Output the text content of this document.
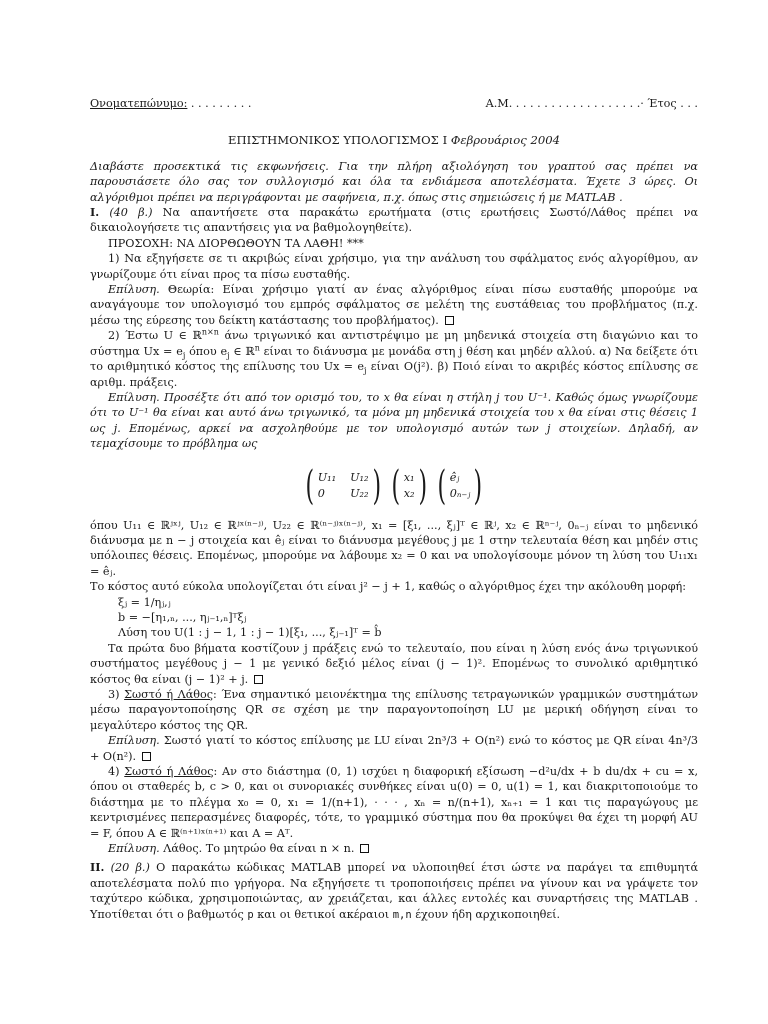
Ονοματεπώνυμο: . . . . . . . . .	Α.Μ. . . . . . . . . . . . . . . . . . .· Έτος . . .
ΕΠΙΣΤΗΜΟΝΙΚΟΣ ΥΠΟΛΟΓΙΣΜΟΣ Ι Φεβρουάριος 2004

Διαβάστε προσεκτικά τις εκφωνήσεις. Για την πλήρη αξιολόγηση του γραπτού σας πρέπει να παρουσιάσετε όλο σας τον συλλογισμό και όλα τα ενδιάμεσα αποτελέσματα. Έχετε 3 ώρες. Οι αλγόριθμοι πρέπει να περιγράφονται με σαφήνεια, π.χ. όπως στις σημειώσεις ή με MATLAB .

I. (40 β.) Να απαντήσετε στα παρακάτω ερωτήματα (στις ερωτήσεις Σωστό/Λάθος πρέπει να δικαιολογήσετε τις απαντήσεις για να βαθμολογηθείτε).

ΠΡΟΣΟΧΗ: ΝΑ ΔΙΟΡΘΩΘΟΥΝ ΤΑ ΛΑΘΗ! ***

1) Να εξηγήσετε σε τι ακριβώς είναι χρήσιμο, για την ανάλυση του σφάλματος ενός αλγορίθμου, αν γνωρίζουμε ότι είναι προς τα πίσω ευσταθής.

Επίλυση. Θεωρία: Είναι χρήσιμο γιατί αν ένας αλγόριθμος είναι πίσω ευσταθής μπορούμε να αναγάγουμε τον υπολογισμό του εμπρός σφάλματος σε μελέτη της ευστάθειας του προβλήματος (π.χ. μέσω της εύρεσης του δείκτη κατάστασης του προβλήματος).

2) Έστω U ∈ ℝ$^{n\times n}$ άνω τριγωνικό και αντιστρέψιμο με μη μηδενικά στοιχεία στη διαγώνιο και το σύστημα $Ux = e_j$ όπου $e_j$ ∈ ℝ$^n$ είναι το διάνυσμα με μονάδα στη j θέση και μηδέν αλλού. α) Να δείξετε ότι το αριθμητικό κόστος της επίλυσης του $Ux = e_j$ είναι O(j²). β) Ποιό είναι το ακριβές κόστος επίλυσης σε αριθμ. πράξεις.

Επίλυση. Προσέξτε ότι από τον ορισμό του, το x θα είναι η στήλη j του U⁻¹. Καθώς όμως γνωρίζουμε ότι το U⁻¹ θα είναι και αυτό άνω τριγωνικό, τα μόνα μη μηδενικά στοιχεία του x θα είναι στις θέσεις 1 ως j. Επομένως, αρκεί να ασχοληθούμε με τον υπολογισμό αυτών των j στοιχείων. Δηλαδή, αν τεμαχίσουμε το πρόβλημα ως

( U₁₁ U₁₂
0	U₂₂ ) ( x₁
x₂ ) ( êⱼ
0ₙ₋ⱼ )

όπου U₁₁ ∈ ℝʲˣʲ, U₁₂ ∈ ℝʲˣ⁽ⁿ⁻ʲ⁾, U₂₂ ∈ ℝ⁽ⁿ⁻ʲ⁾ˣ⁽ⁿ⁻ʲ⁾, x₁ = [ξ₁, ..., ξⱼ]ᵀ ∈ ℝʲ, x₂ ∈ ℝⁿ⁻ʲ, 0ₙ₋ⱼ είναι το μηδενικό διάνυσμα με n − j στοιχεία και êⱼ είναι το διάνυσμα μεγέθους j με 1 στην τελευταία θέση και μηδέν στις υπόλοιπες θέσεις. Επομένως, μπορούμε να λάβουμε x₂ = 0 και να υπολογίσουμε μόνον τη λύση του U₁₁x₁ = êⱼ.

Το κόστος αυτό εύκολα υπολογίζεται ότι είναι j² − j + 1, καθώς ο αλγόριθμος έχει την ακόλουθη μορφή:

ξⱼ = 1/ηⱼ,ⱼ
b = −[η₁,ₙ, ..., ηⱼ₋₁,ₙ]ᵀξⱼ
Λύση του U(1 : j − 1, 1 : j − 1)[ξ₁, ..., ξⱼ₋₁]ᵀ = b̂

Τα πρώτα δυο βήματα κοστίζουν j πράξεις ενώ το τελευταίο, που είναι η λύση ενός άνω τριγωνικού συστήματος μεγέθους j − 1 με γενικό δεξιό μέλος είναι (j − 1)². Επομένως το συνολικό αριθμητικό κόστος θα είναι (j − 1)² + j.

3) Σωστό ή Λάθος: Ένα σημαντικό μειονέκτημα της επίλυσης τετραγωνικών γραμμικών συστημάτων μέσω παραγοντοποίησης QR σε σχέση με την παραγοντοποίηση LU με μερική οδήγηση είναι το μεγαλύτερο κόστος της QR.

Επίλυση. Σωστό γιατί το κόστος επίλυσης με LU είναι 2n³/3 + O(n²) ενώ το κόστος με QR είναι 4n³/3 + O(n²).

4) Σωστό ή Λάθος: Αν στο διάστημα (0, 1) ισχύει η διαφορική εξίσωση −d²u/dx + b du/dx + cu = x, όπου οι σταθερές b, c > 0, και οι συνοριακές συνθήκες είναι u(0) = 0, u(1) = 1, και διακριτοποιούμε το διάστημα με το πλέγμα x₀ = 0, x₁ = 1/(n+1), · · · , xₙ = n/(n+1), xₙ₊₁ = 1 και τις παραγώγους με κεντρισμένες πεπερασμένες διαφορές, τότε, το γραμμικό σύστημα που θα προκύψει θα έχει τη μορφή AU = F, όπου A ∈ ℝ⁽ⁿ⁺¹⁾ˣ⁽ⁿ⁺¹⁾ και A = Aᵀ.

Επίλυση. Λάθος. Το μητρώο θα είναι n × n.

II. (20 β.) Ο παρακάτω κώδικας MATLAB μπορεί να υλοποιηθεί έτσι ώστε να παράγει τα επιθυμητά αποτελέσματα πολύ πιο γρήγορα. Να εξηγήσετε τι τροποποιήσεις πρέπει να γίνουν και να γράψετε τον ταχύτερο κώδικα, χρησιμοποιώντας, αν χρειάζεται, και άλλες εντολές και συναρτήσεις της MATLAB . Υποτίθεται ότι ο βαθμωτός p και οι θετικοί ακέραιοι m,n έχουν ήδη αρχικοποιηθεί.
